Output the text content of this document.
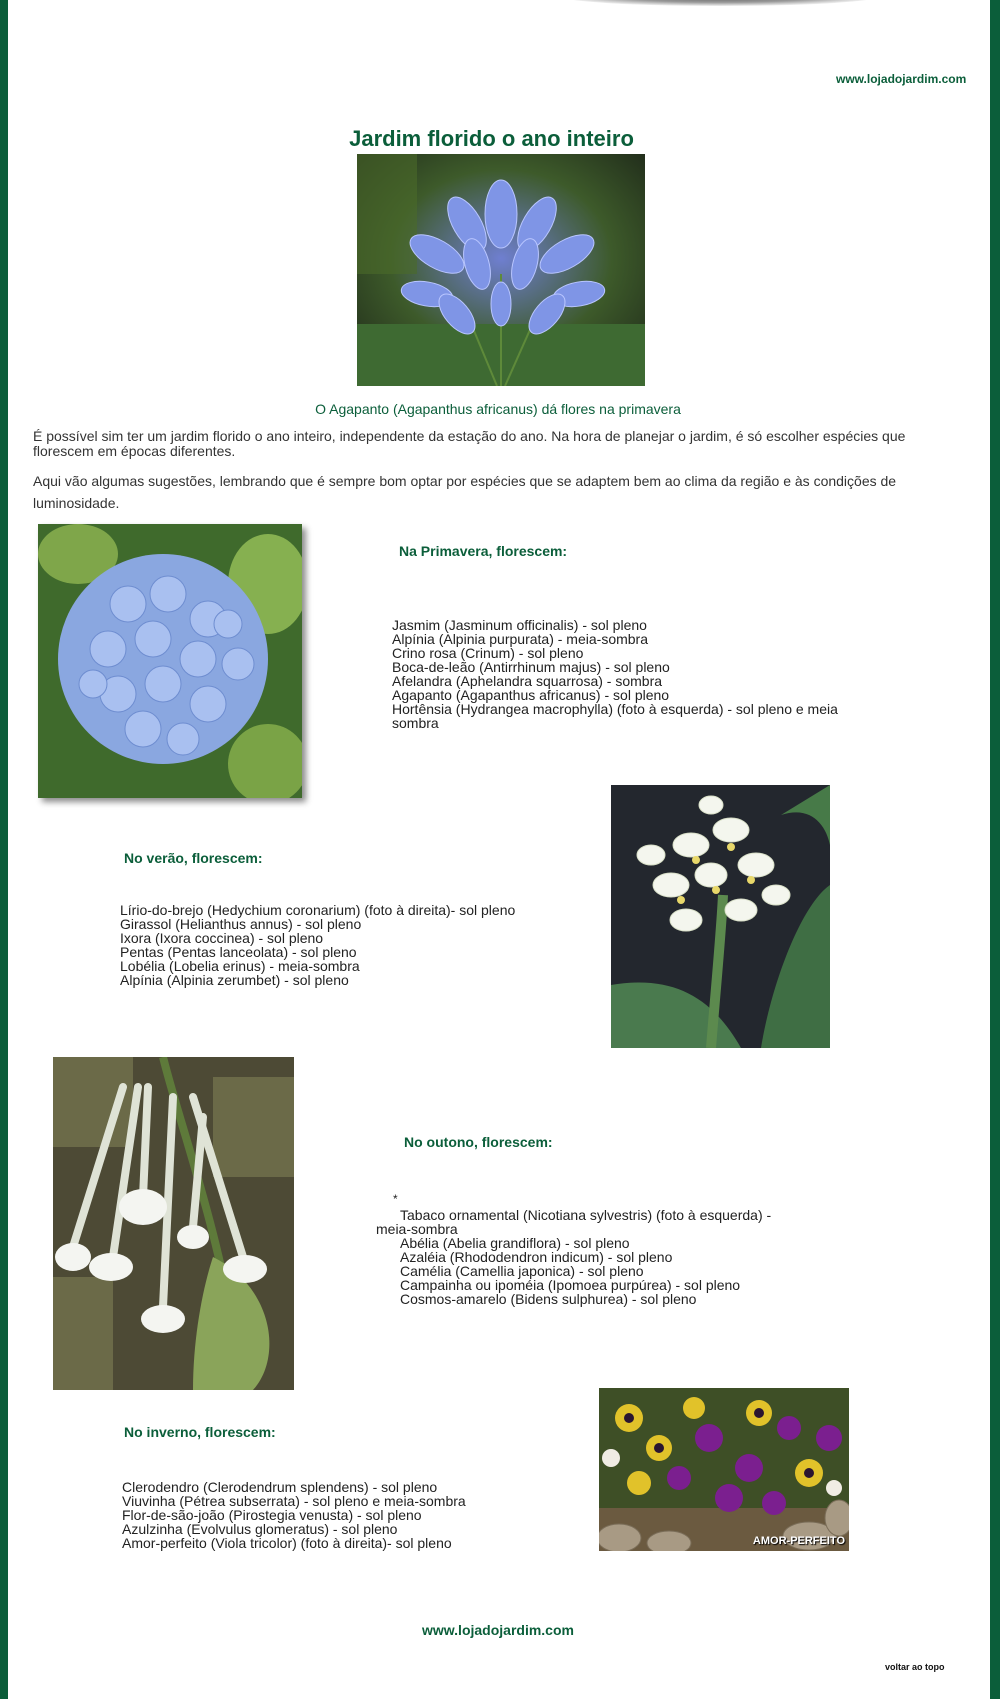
www.lojadojardim.com
Jardim florido o ano inteiro
O Agapanto (Agapanthus africanus) dá flores na primavera
É possível sim ter um jardim florido o ano inteiro, independente da estação do ano. Na hora de planejar o jardim, é só escolher espécies que florescem em épocas diferentes.
Aqui vão algumas sugestões, lembrando que é sempre bom optar por espécies que se adaptem bem ao clima da região e às condições de luminosidade.
Na Primavera, florescem:
Jasmim (Jasminum officinalis) - sol pleno
Alpínia (Alpinia purpurata) - meia-sombra
Crino rosa (Crinum) - sol pleno
Boca-de-leão (Antirrhinum majus) - sol pleno
Afelandra (Aphelandra squarrosa) - sombra
Agapanto (Agapanthus africanus) - sol pleno
Hortênsia (Hydrangea macrophylla) (foto à esquerda) - sol pleno e meia
sombra
No verão, florescem:
Lírio-do-brejo (Hedychium coronarium) (foto à direita)- sol pleno
Girassol (Helianthus annus) - sol pleno
Ixora (Ixora coccinea) - sol pleno
Pentas (Pentas lanceolata) - sol pleno
Lobélia (Lobelia erinus) - meia-sombra
Alpínia (Alpinia zerumbet) - sol pleno
No outono, florescem:
*
Tabaco ornamental (Nicotiana sylvestris) (foto à esquerda) -
meia-sombra
Abélia (Abelia grandiflora) - sol pleno
Azaléia (Rhododendron indicum) - sol pleno
Camélia (Camellia japonica) - sol pleno
Campainha ou ipoméia (Ipomoea purpúrea) - sol pleno
Cosmos-amarelo (Bidens sulphurea) - sol pleno
No inverno, florescem:
Clerodendro (Clerodendrum splendens) - sol pleno
Viuvinha (Pétrea subserrata) - sol pleno e meia-sombra
Flor-de-são-joão (Pirostegia venusta) - sol pleno
Azulzinha (Evolvulus glomeratus) - sol pleno
Amor-perfeito (Viola tricolor) (foto à direita)- sol pleno	AMOR-PERFEITO
www.lojadojardim.com
voltar ao topo
